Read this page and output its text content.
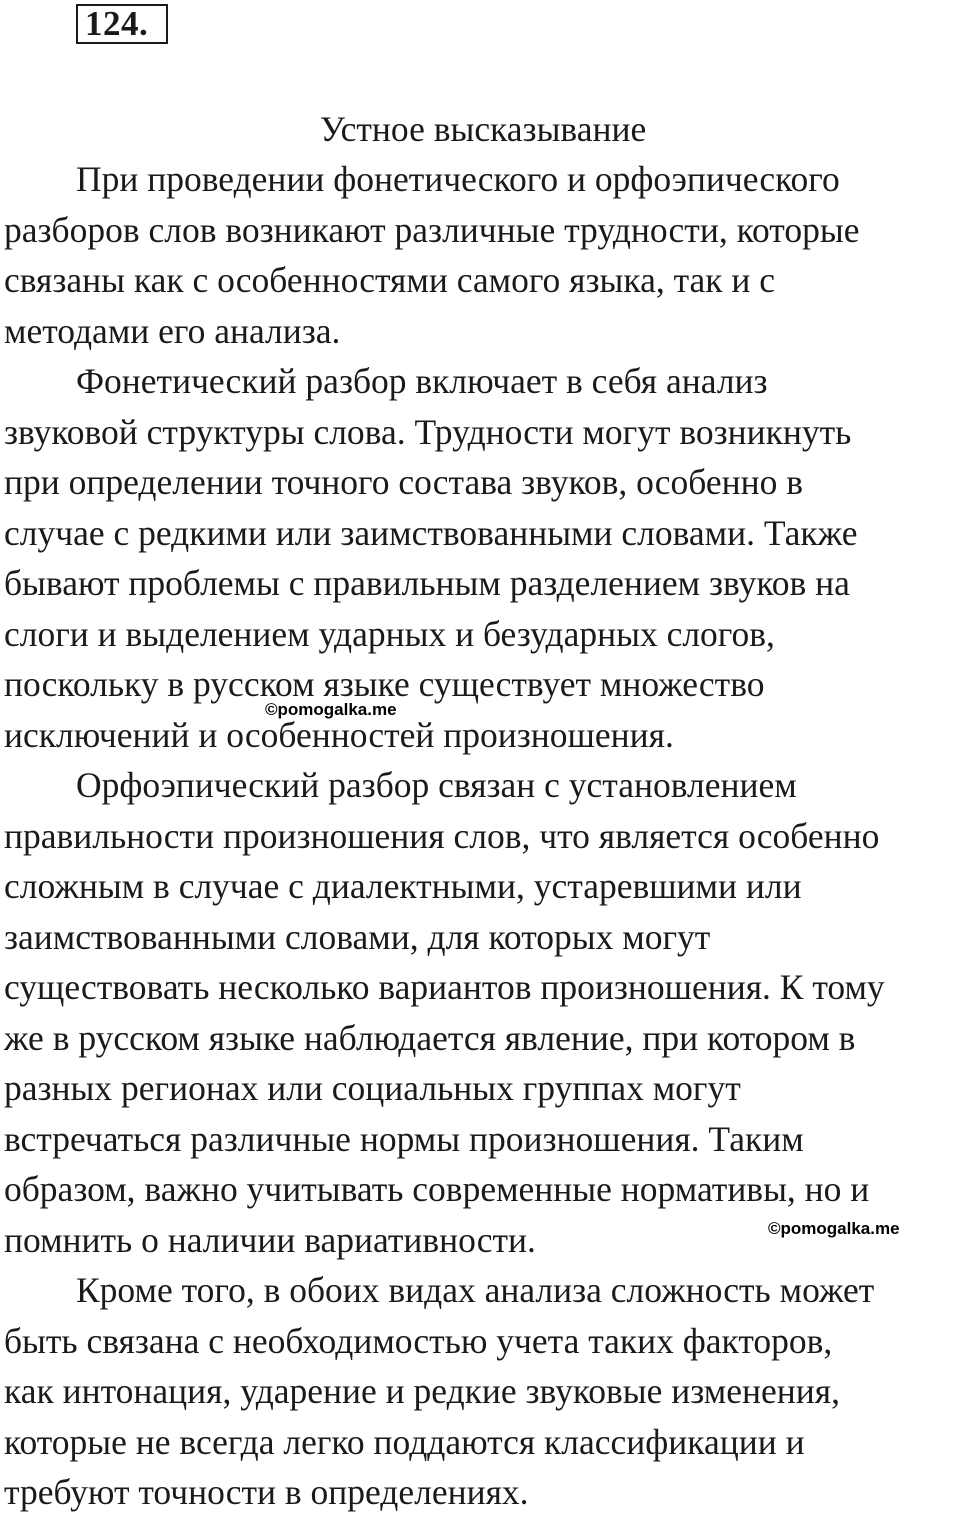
124.
Устное высказывание
При проведении фонетического и орфоэпического
разборов слов возникают различные трудности, которые
связаны как с особенностями самого языка, так и с
методами его анализа.
Фонетический разбор включает в себя анализ
звуковой структуры слова. Трудности могут возникнуть
при определении точного состава звуков, особенно в
случае с редкими или заимствованными словами. Также
бывают проблемы с правильным разделением звуков на
слоги и выделением ударных и безударных слогов,
поскольку в русском языке существует множество
исключений и особенностей произношения.
Орфоэпический разбор связан с установлением
правильности произношения слов, что является особенно
сложным в случае с диалектными, устаревшими или
заимствованными словами, для которых могут
существовать несколько вариантов произношения. К тому
же в русском языке наблюдается явление, при котором в
разных регионах или социальных группах могут
встречаться различные нормы произношения. Таким
образом, важно учитывать современные нормативы, но и
помнить о наличии вариативности.
Кроме того, в обоих видах анализа сложность может
быть связана с необходимостью учета таких факторов,
как интонация, ударение и редкие звуковые изменения,
которые не всегда легко поддаются классификации и
требуют точности в определениях.
©pomogalka.me
©pomogalka.me
